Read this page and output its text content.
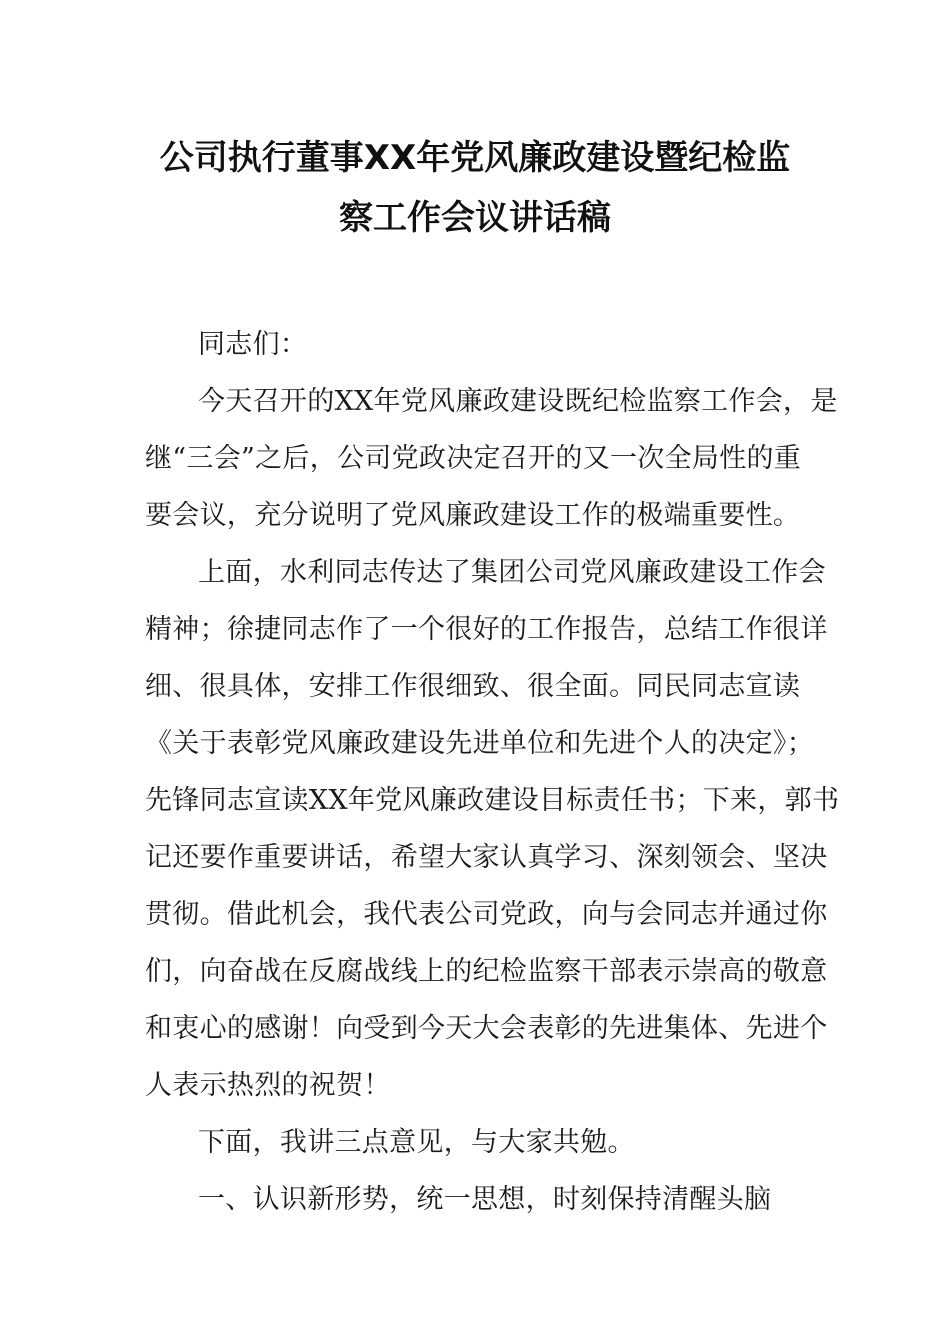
公司执行董事XX年党风廉政建设暨纪检监
察工作会议讲话稿
同志们：
今天召开的XX年党风廉政建设既纪检监察工作会，是
继“三会”之后，公司党政决定召开的又一次全局性的重
要会议，充分说明了党风廉政建设工作的极端重要性。
上面，水利同志传达了集团公司党风廉政建设工作会
精神；徐捷同志作了一个很好的工作报告，总结工作很详
细、很具体，安排工作很细致、很全面。同民同志宣读
《关于表彰党风廉政建设先进单位和先进个人的决定》；
先锋同志宣读XX年党风廉政建设目标责任书；下来，郭书
记还要作重要讲话，希望大家认真学习、深刻领会、坚决
贯彻。借此机会，我代表公司党政，向与会同志并通过你
们，向奋战在反腐战线上的纪检监察干部表示崇高的敬意
和衷心的感谢！向受到今天大会表彰的先进集体、先进个
人表示热烈的祝贺！
下面，我讲三点意见，与大家共勉。
一、认识新形势，统一思想，时刻保持清醒头脑
